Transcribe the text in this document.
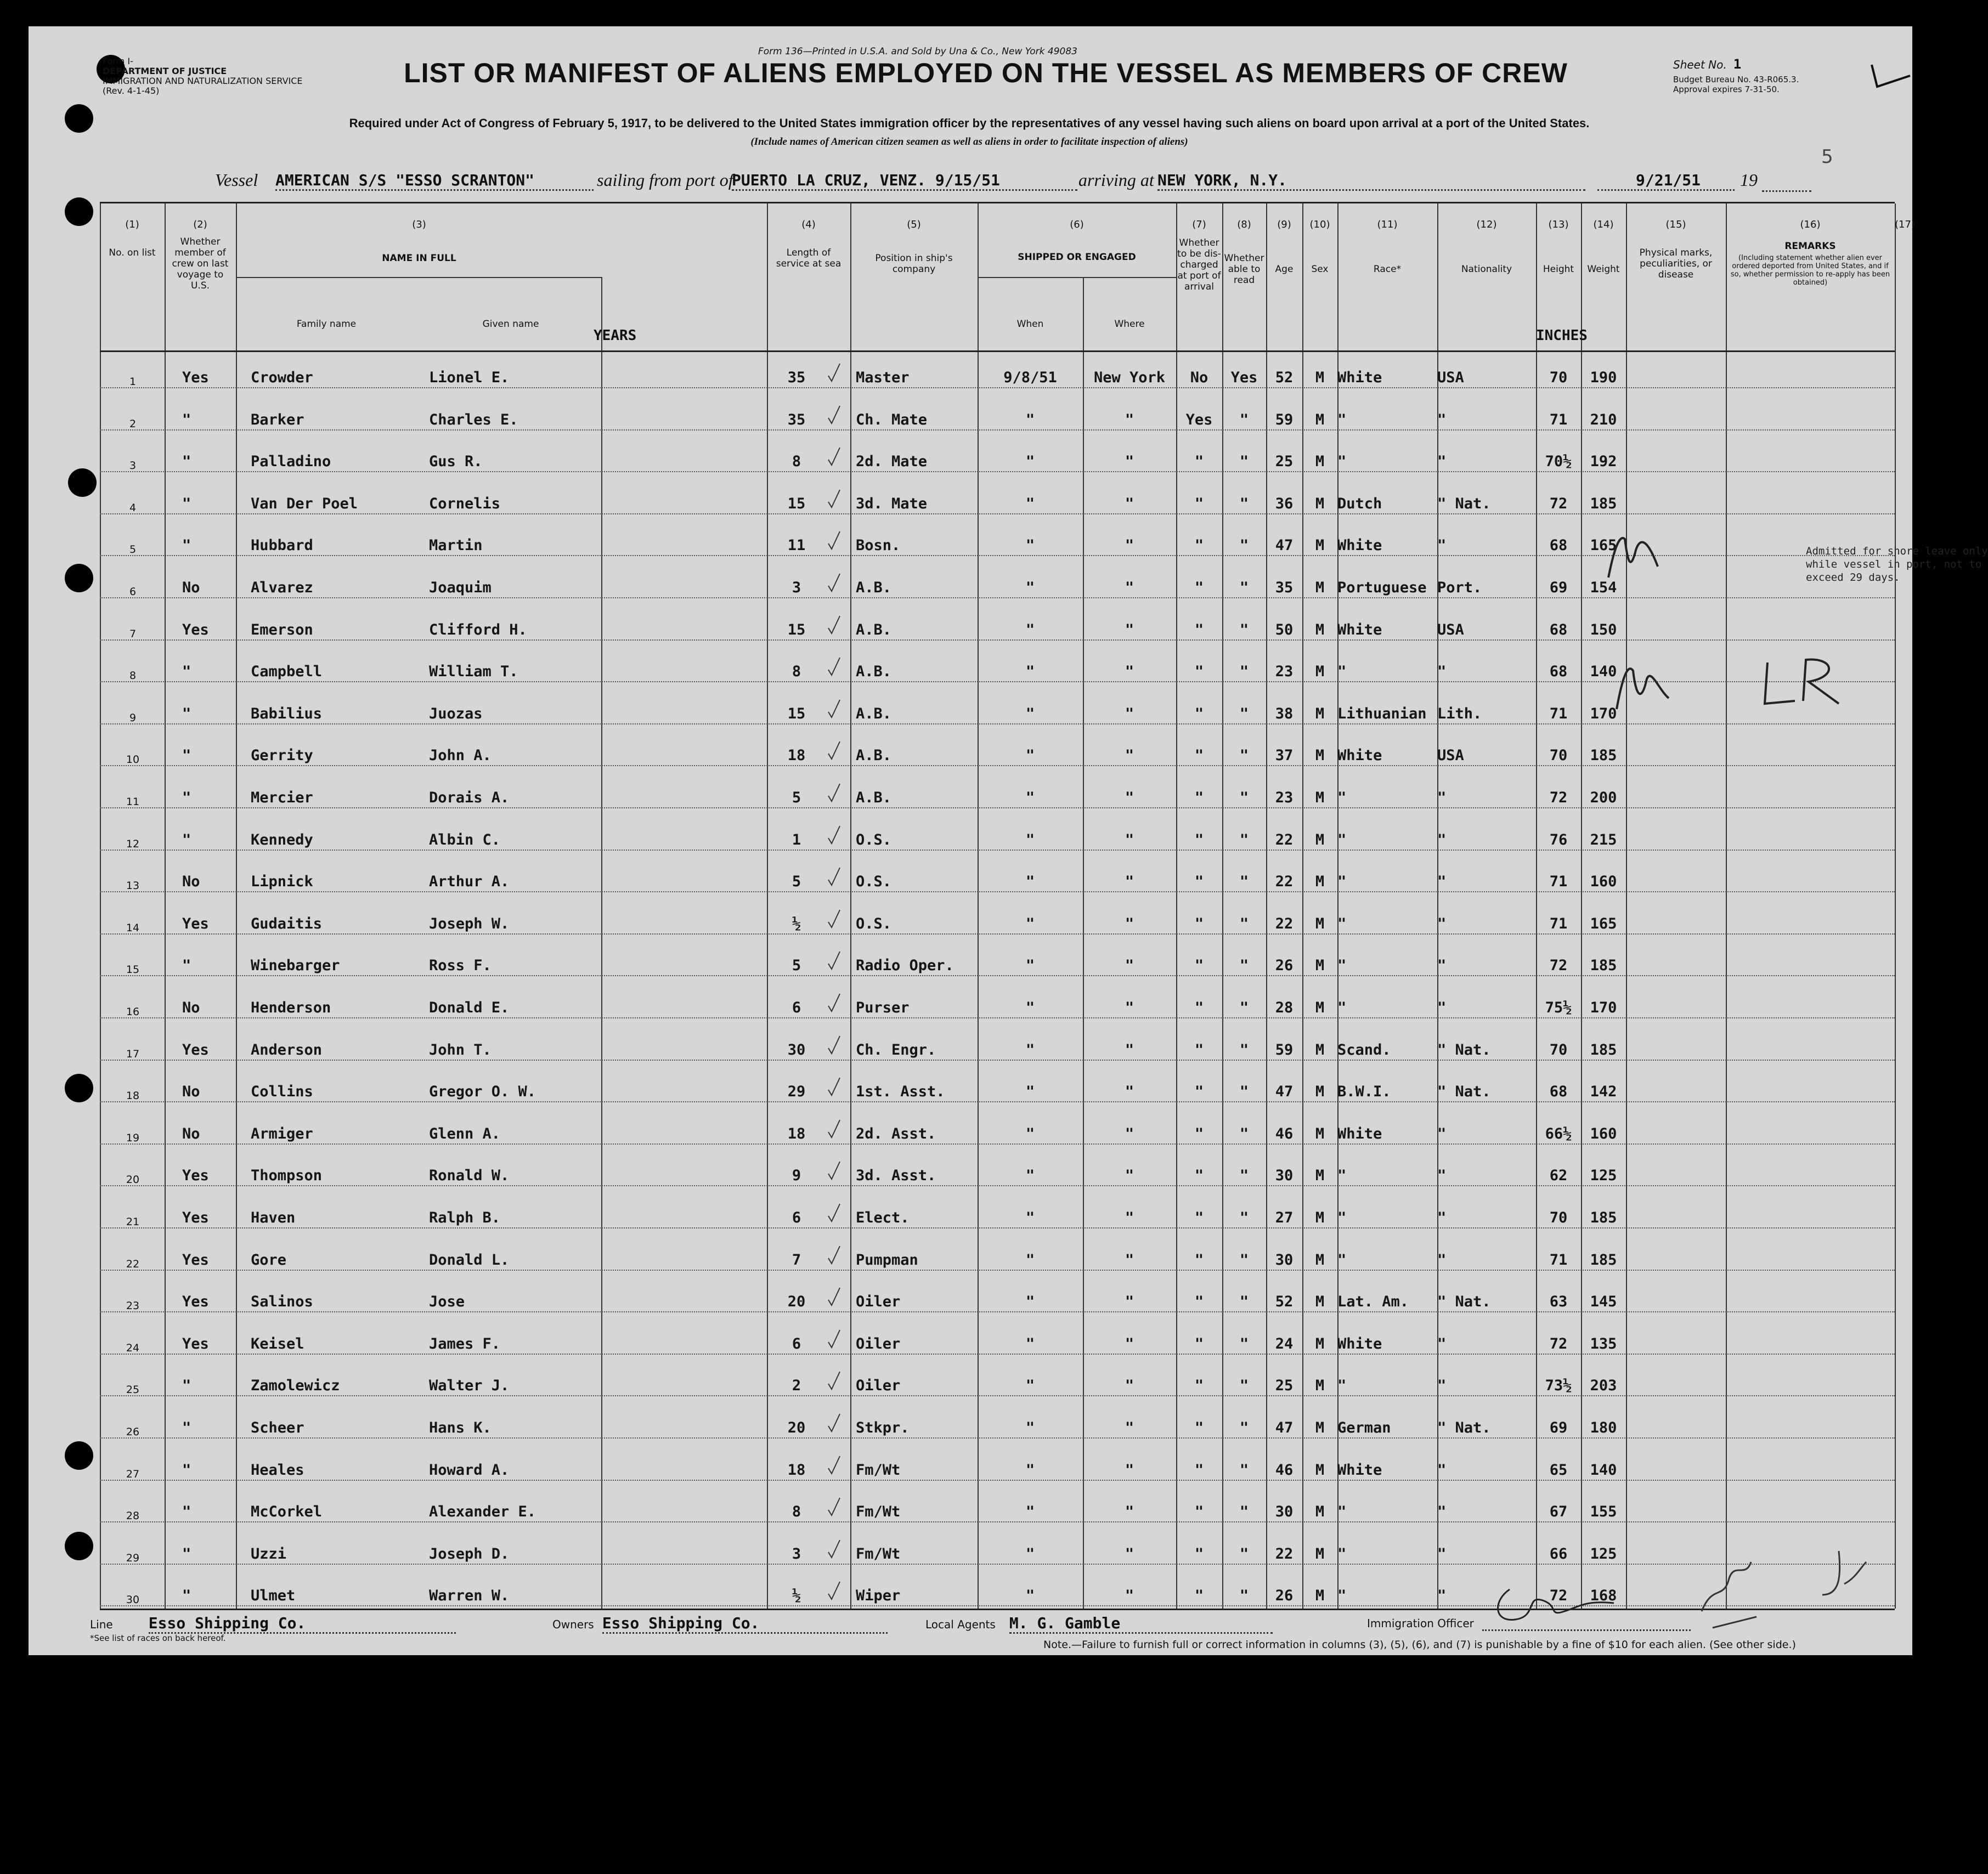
Form I-
DEPARTMENT OF JUSTICE
IMMIGRATION AND NATURALIZATION SERVICE
(Rev. 4-1-45)
Form 136—Printed in U.S.A. and Sold by Una & Co., New York 49083
LIST OR MANIFEST OF ALIENS EMPLOYED ON THE VESSEL AS MEMBERS OF CREW	Sheet No. 1
Budget Bureau No. 43-R065.3.
Approval expires 7-31-50.
Required under Act of Congress of February 5, 1917, to be delivered to the United States immigration officer by the representatives of any vessel having such aliens on board upon arrival at a port of the United States.
(Include names of American citizen seamen as well as aliens in order to facilitate inspection of aliens)
Vessel AMERICAN S/S "ESSO SCRANTON"	sailing from port of
PUERTO LA CRUZ, VENZ. 9/15/51	arriving at NEW YORK, N.Y.	9/21/51	19
5
(1)	(2)	(3)	(4)	(5)	(6)	(7)	(8)	(9)	(10)	(11)	(12)	(13)	(14)	(15)	(16)	(17)
No. on list
Whether member of crew on last voyage to U.S.
NAME IN FULL
Family name	Given name
Length of service at sea	Position in ship's company
SHIPPED OR ENGAGED
When	Where
Whether to be dis-charged at port of arrival
Whether able to read
Age	Sex	Race*	Nationality	Height	Weight
Physical marks, peculiarities, or disease
REMARKS
(Including statement whether alien ever ordered deported from United States, and if so, whether permission to re-apply has been obtained)
YEARS	INCHES
1	Yes	Crowder	Lionel E.	35	Master	9/8/51	New York	No	Yes	52	M White	USA	70	190
2	"	Barker	Charles E.	35	Ch. Mate	"	"	Yes	"	59	M "	"	71	210
3	"	Palladino	Gus R.	8	2d. Mate	"	"	"	"	25	M "	"	70½	192
4	"	Van Der Poel	Cornelis	15	3d. Mate	"	"	"	"	36	M Dutch	" Nat.	72	185
5	"	Hubbard	Martin	11	Bosn.	"	"	"	"	47	M White	"	68	165
6	No	Alvarez	Joaquim	3	A.B.	"	"	"	"	35	M Portuguese Port.	69	154
7	Yes	Emerson	Clifford H.	15	A.B.	"	"	"	"	50	M White	USA	68	150
8	"	Campbell	William T.	8	A.B.	"	"	"	"	23	M "	"	68	140
9	"	Babilius	Juozas	15	A.B.	"	"	"	"	38	M Lithuanian Lith.	71	170
10	"	Gerrity	John A.	18	A.B.	"	"	"	"	37	M White	USA	70	185
11	"	Mercier	Dorais A.	5	A.B.	"	"	"	"	23	M "	"	72	200
12	"	Kennedy	Albin C.	1	O.S.	"	"	"	"	22	M "	"	76	215
13	No	Lipnick	Arthur A.	5	O.S.	"	"	"	"	22	M "	"	71	160
14	Yes	Gudaitis	Joseph W.	½	O.S.	"	"	"	"	22	M "	"	71	165
15	"	Winebarger	Ross F.	5	Radio Oper.	"	"	"	"	26	M "	"	72	185
16	No	Henderson	Donald E.	6	Purser	"	"	"	"	28	M "	"	75½	170
17	Yes	Anderson	John T.	30	Ch. Engr.	"	"	"	"	59	M Scand.	" Nat.	70	185
18	No	Collins	Gregor O. W.	29	1st. Asst.	"	"	"	"	47	M B.W.I.	" Nat.	68	142
19	No	Armiger	Glenn A.	18	2d. Asst.	"	"	"	"	46	M White	"	66½	160
20	Yes	Thompson	Ronald W.	9	3d. Asst.	"	"	"	"	30	M "	"	62	125
21	Yes	Haven	Ralph B.	6	Elect.	"	"	"	"	27	M "	"	70	185
22	Yes	Gore	Donald L.	7	Pumpman	"	"	"	"	30	M "	"	71	185
23	Yes	Salinos	Jose	20	Oiler	"	"	"	"	52	M Lat. Am.	" Nat.	63	145
24	Yes	Keisel	James F.	6	Oiler	"	"	"	"	24	M White	"	72	135
25	"	Zamolewicz	Walter J.	2	Oiler	"	"	"	"	25	M "	"	73½	203
26	"	Scheer	Hans K.	20	Stkpr.	"	"	"	"	47	M German	" Nat.	69	180
27	"	Heales	Howard A.	18	Fm/Wt	"	"	"	"	46	M White	"	65	140
28	"	McCorkel	Alexander E.	8	Fm/Wt	"	"	"	"	30	M "	"	67	155
29	"	Uzzi	Joseph D.	3	Fm/Wt	"	"	"	"	22	M "	"	66	125
30	"	Ulmet	Warren W.	½	Wiper	"	"	"	"	26	M "	"	72	168
Admitted for shore leave only
while vessel in port, not to
exceed 29 days.
Line Esso Shipping Co.	Owners Esso Shipping Co.	Local Agents M. G. Gamble	Immigration Officer
*See list of races on back hereof.
Note.—Failure to furnish full or correct information in columns (3), (5), (6), and (7) is punishable by a fine of $10 for each alien. (See other side.)
